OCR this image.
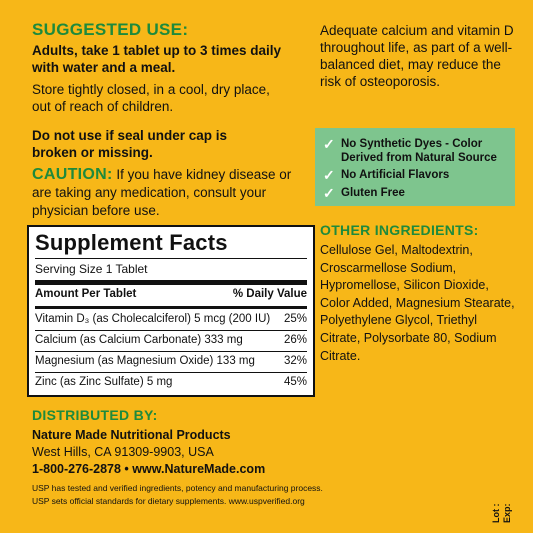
SUGGESTED USE:
Adults, take 1 tablet up to 3 times daily with water and a meal.
Store tightly closed, in a cool, dry place, out of reach of children.
Do not use if seal under cap is broken or missing.
CAUTION: If you have kidney disease or are taking any medication, consult your physician before use.
Supplement Facts
Serving Size 1 Tablet
Amount Per Tablet	% Daily Value
Vitamin D₃ (as Cholecalciferol) 5 mcg (200 IU) 25%
Calcium (as Calcium Carbonate) 333 mg	26%
Magnesium (as Magnesium Oxide) 133 mg	32%
Zinc (as Zinc Sulfate) 5 mg	45%
DISTRIBUTED BY:
Nature Made Nutritional Products
West Hills, CA 91309-9903, USA
1-800-276-2878 • www.NatureMade.com
USP has tested and verified ingredients, potency and manufacturing process.
USP sets official standards for dietary supplements. www.uspverified.org
Adequate calcium and vitamin D throughout life, as part of a well-balanced diet, may reduce the risk of osteoporosis.
✓ No Synthetic Dyes - Color
Derived from Natural Source
✓ No Artificial Flavors
✓ Gluten Free
OTHER INGREDIENTS:
Cellulose Gel, Maltodextrin, Croscarmellose Sodium, Hypromellose, Silicon Dioxide, Color Added, Magnesium Stearate, Polyethylene Glycol, Triethyl Citrate, Polysorbate 80, Sodium Citrate.
Lot : Exp:
